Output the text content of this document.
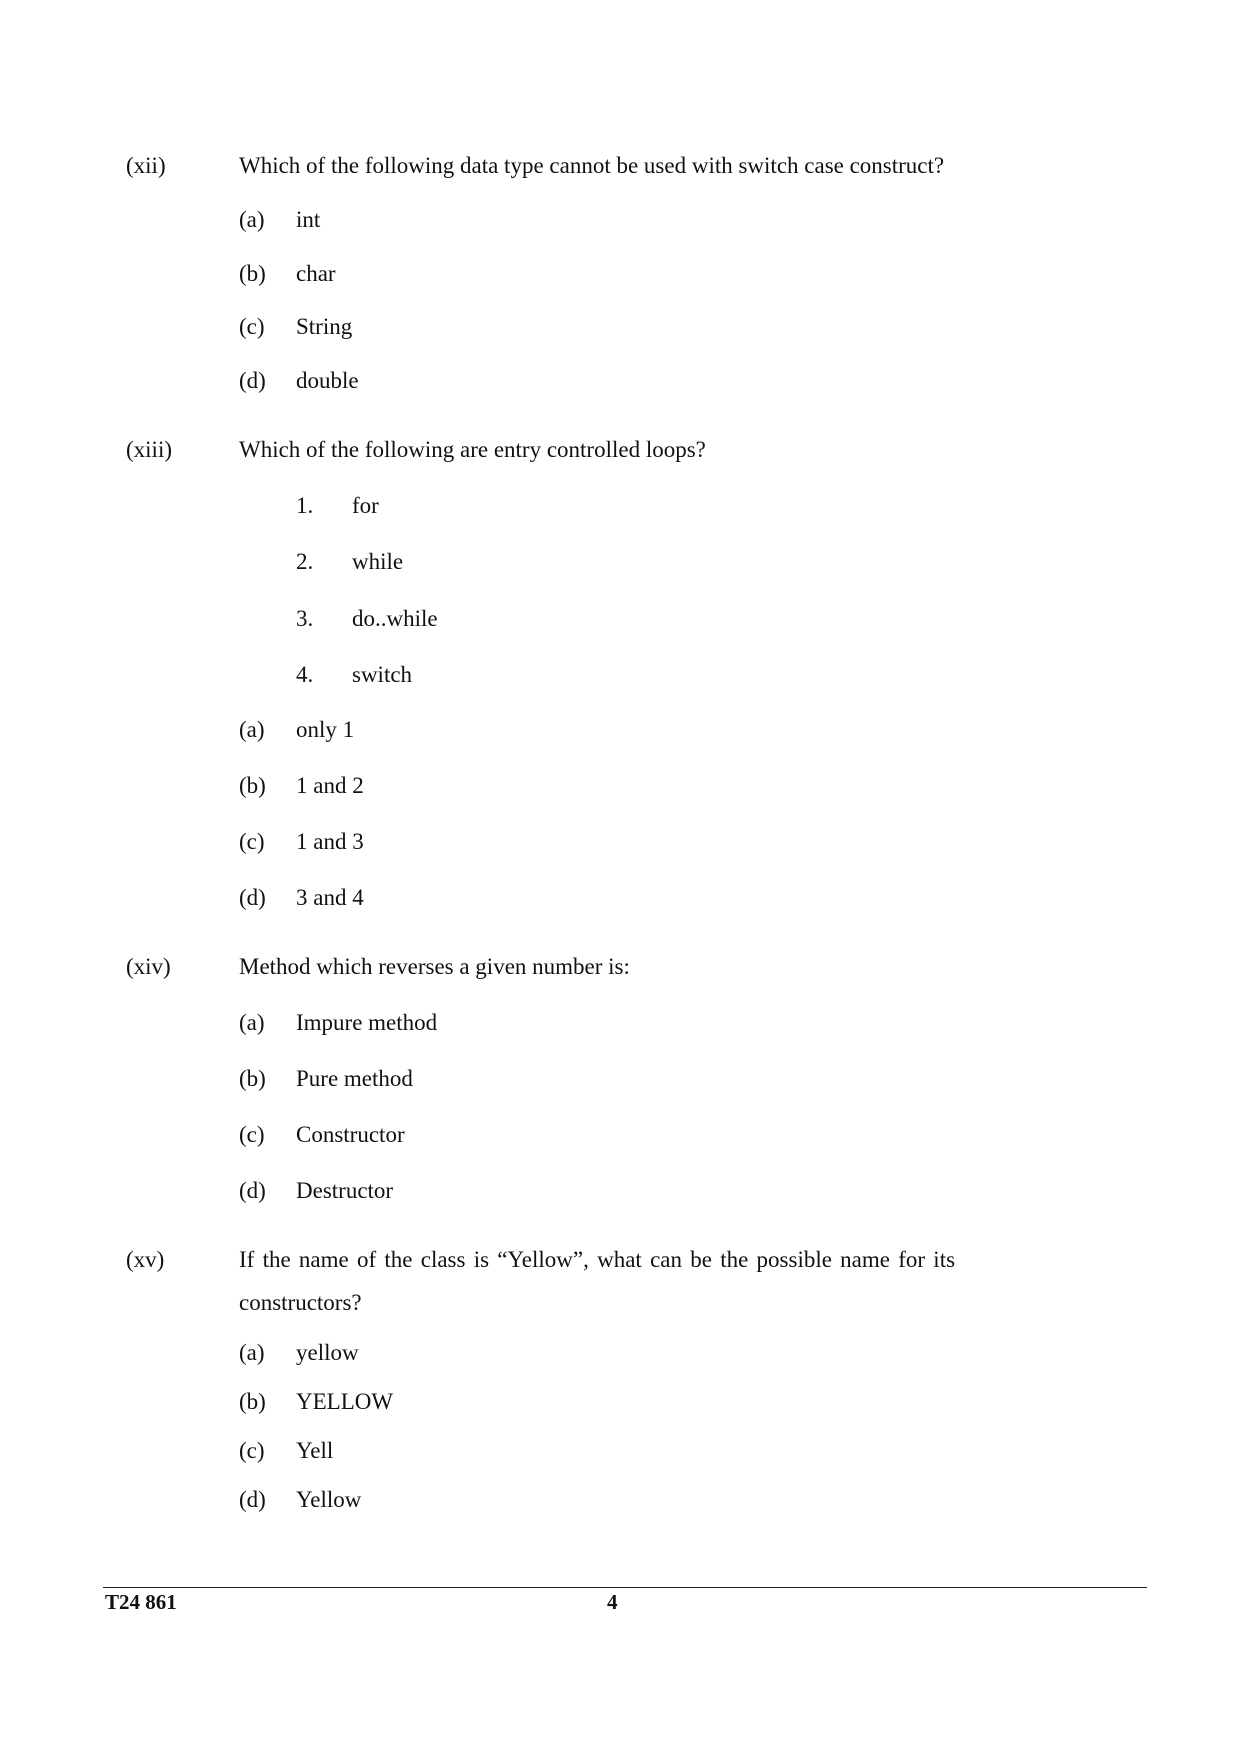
(xii)	Which of the following data type cannot be used with switch case construct?
(a) int
(b) char
(c) String
(d) double
(xiii)	Which of the following are entry controlled loops?
1. for
2. while
3. do..while
4. switch
(a) only 1
(b) 1 and 2
(c) 1 and 3
(d) 3 and 4
(xiv)	Method which reverses a given number is:
(a) Impure method
(b) Pure method
(c) Constructor
(d) Destructor
(xv)	If the name of the class is “Yellow”, what can be the possible name for its
constructors?
(a) yellow
(b) YELLOW
(c) Yell
(d) Yellow
T24 861	4
